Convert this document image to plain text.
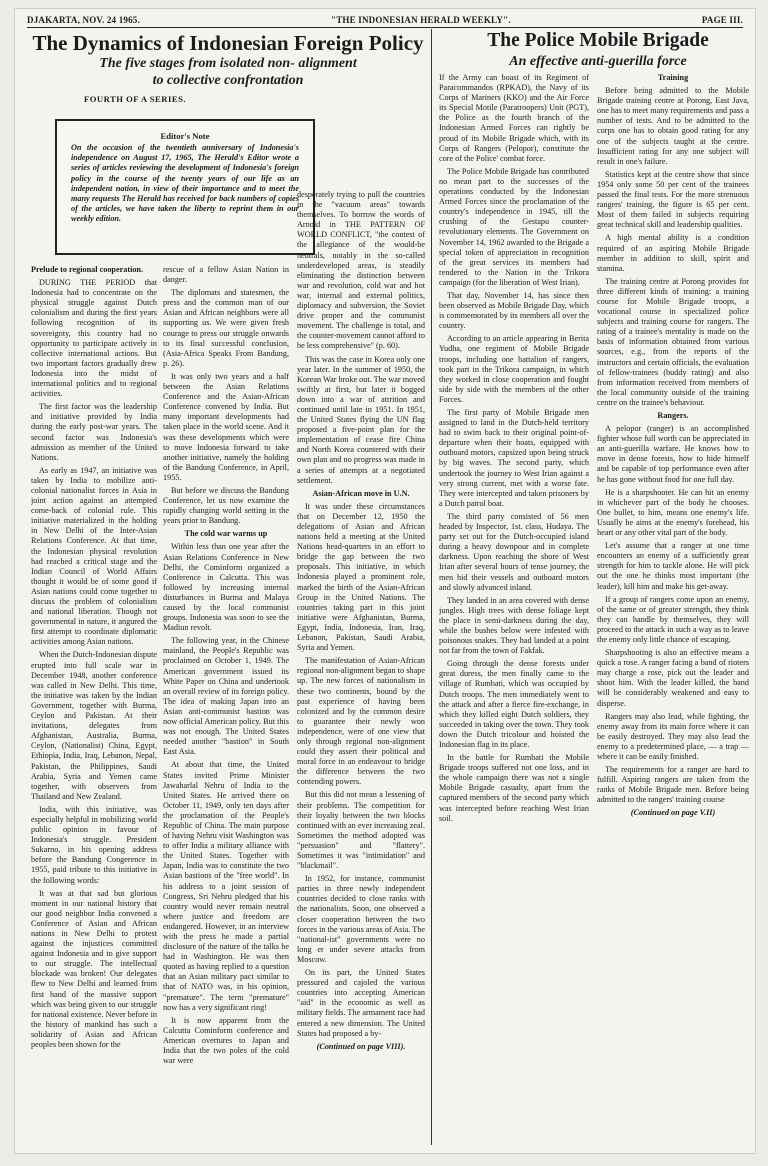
DJAKARTA, NOV. 24 1965.	"THE INDONESIAN HERALD WEEKLY".	PAGE III.
The Dynamics of Indonesian Foreign Policy
The five stages from isolated non- alignment
to collective confrontation
FOURTH OF A SERIES.
Editor's Note
On the occasion of the twentieth anniversary of Indonesia's independence on August 17, 1965, The Herald's Editor wrote a series of articles reviewing the development of Indonesia's foreign policy in the course of the twenty years of our life as an independent nation, in view of their importance and to meet the many requests The Herald has received for back numbers of copies of the articles, we have taken the liberty to reprint them in our weekly edition.

Prelude to regional cooperation.

DURING THE PERIOD that Indonesia had to concentrate on the physical struggle against Dutch colonialism and during the first years following recognition of its sovereignty, this country had no opportunity to participate actively in collective international actions. But two important factors gradually drew Indonesia into the midst of international politics and to regional activities.

The first factor was the leadership and initiative provided by India during the early post-war years. The second factor was Indonesia's admission as member of the United Nations.

As early as 1947, an initiative was taken by India to mobilize anti-colonial nationalist forces in Asia in joint action against an attempted come-back of colonial rule. This initiative materialized in the holding in New Delhi of the Inter-Asian Relations Conference. At that time, the Indonesian physical revolution had reached a critical stage and the Indian Council of World Affairs thought it would be of some good if Asian nations could come together to discuss the problem of colonialism and national liberation. Though not governmental in nature, it angured the first attempt to coordinate diplomatic activities among Asian nations.

When the Dutch-Indonesian dispute erupted into full scale war in December 1948, another conference was called in New Delhi. This time, the initiative was taken by the Indian Government, together with Burma, Ceylon and Pakistan. At their invitations, delegates from Afghanistan, Australia, Burma, Ceylon, (Nationalist) China, Egypt, Ethiopia, India, Iraq, Lebanon, Nepal, Pakistan, the Philippines, Saudi Arabia, Syria and Yemen came together, with observers from Thailand and New Zealand.

India, with this initiative, was especially helpful in mobilizing world public opinion in favour of Indonesia's struggle. President Sukarno, in his opening address before the Bandung Congerence in 1955, paid tribute to this initiative in the following words:

It was at that sad but glorious moment in our national history that our good neighbor India convened a Conference of Asian and African nations in New Delhi to protest against the injustices committed against Indonesia and to give support to our struggle. The intellectual blockade was broken! Our delegates flew to New Delhi and learned from first hand of the massive support which was being given to our struggle for national existence. Never before in the history of mankind has such a solidarity of Asian and African peoples been shown for the

rescue of a fellow Asian Nation in danger.

The diplomats and statesmen, the press and the common man of our Asian and African neighbors were all supporting us. We were given fresh courage to press our struggle onwards to its final successful conclusion, (Asia-Africa Speaks From Bandung, p. 26).

It was only two years and a half between the Asian Relations Conference and the Asian-African Conference convened by India. But many important developments had taken place in the world scene. And it was these developments which were to move Indonesia forward to take another initiative, namely the holding of the Bandung Conference, in April, 1955.

But before we discuss the Bandung Conference, let us now examine the rapidly changing world setting in the years prior to Bandung.

The cold war warms up

Within less than one year after the Asian Relations Conference in New Delhi, the Cominform organized a Conference in Calcutta. This was followed by increasing internal disturbances in Burma and Malaya caused by the local communist groups. Indonesia was soon to see the Madiun revolt.

The following year, in the Chinese mainland, the People's Republic was proclaimed on October 1, 1949. The American government issued its White Paper on China and undertook an overall review of its foreign policy. The idea of making Japan into an Asian anti-communist bastion was now official American policy. But this was not enough. The United States needed another "bastion" in South East Asia.

At about that time, the United States invited Prime Minister Jawaharlal Nehru of India to the United States. He arrived there on October 11, 1949, only ten days after the proclamation of the People's Republic of China. The main purpose of having Nehru visit Washington was to offer India a military alliance with the United States. Together with Japan, India was to constitute the two Asian bastions of the "free world". In his address to a joint session of Congress, Sri Nehru pledged that his country would never remain neutral where justice and freedom are endangered. However, in an interview with the press he made a partial disclosure of the nature of the talks he had in Washington. He was then quoted as having replied to a question that an Asian military pact similar to that of NATO was, in his opinion, "premature". The term "premature" now has a very significant ring!

It is now apparent from the Calcutta Cominform conference and American overtures to Japan and India that the two poles of the cold war were

desperately trying to pull the countries in the "vacuum areas" towards themselves. To borrow the words of Arnold in THE PATTERN OF WORLD CONFLICT, "the contest of the allegiance of the would-be neutrals, notably in the so-called underdeveloped areas, is steadily eliminating the distinction between war and revolution, cold war and hot war, internal and external politics, diplomacy and subversion, the Soviet drive proper and the communist movement. The challenge is total, and the counter-movement cannot afford to be less comprehensive" (p. 60).

This was the case in Korea only one year later. In the summer of 1950, the Korean War broke out. The war moved swiftly at first, but later it bogged down into a war of attrition and continued until late in 1951. In 1951, the United States flying the UN flag proposed a five-point plan for the implementation of cease fire China and North Korea countered with their own plan and no progress was made in a series of attempts at a negotiated settlement.

Asian-African move in U.N.

It was under these circumstances that on December 12, 1950 the delegations of Asian and African nations held a meeting at the United Nations head-quarters in an effort to bridge the gap between the two proposals. This initiative, in which Indonesia played a prominent role, marked the birth of the Asian-African Group in the United Nations. The countries taking part in this joint initiative were Afghanistan, Burma, Egypt, India, Indonesia, Iran, Iraq, Lebanon, Pakistan, Saudi Arabia, Syria and Yemen.

The manifestation of Asian-African regional non-alignment began to shape up. The new forces of nationalism in these two continents, bound by the past experience of having been colonized and by the common desire to guarantee their newly won independence, were of one view that only through regional non-alignment could they assert their political and moral force in an endeavour to bridge the difference between the two contending powers.

But this did not mean a lessening of their problems. The competition for their loyalty between the two blocks continued with an ever increasing zeal. Sometimes the method adopted was "persuasion" and "flattery". Sometimes it was "intimidation" and "blackmail".

In 1952, for instance, communist parties in three newly independent countries decided to close ranks with the nationalists. Soon, one observed a closer cooperation between the two forces in the various areas of Asia. The "national-ist" governments were no long er under severe attacks from Moscow.

On its part, the United States pressured and cajoled the various countries into accepting American "aid" in the economic as well as military fields. The armament race had entered a new dimension. The United States had proposed a by-

(Continued on page VIII).

The Police Mobile Brigade
An effective anti-guerilla force

If the Army can boast of its Regiment of Paracommandos (RPKAD), the Navy of its Corps of Mariners (KKO) and the Air Force its Special Motile (Paratroopers) Unit (PGT), the Police as the fourth branch of the Indonesian Armed Forces can rightly be proud of its Mobile Brigade which, with its Corps of Rangers (Pelopor), constitute the core of the Police' combat force.

The Police Mobile Brigade has contributed no mean part to the successes of the operations conducted by the Indonesian Armed Forces since the proclamation of the country's independence in 1945, till the crushing of the Gestapu counter-revolutionary elements. The Government on November 14, 1962 awarded to the Brigade a special token of appreciation in recognition of the great services its members had rendered to the Nation in the Trikora campaign (for the liberation of West Irian).

That day, November 14, has since then been observed as Mobile Brigade Day, which is commemorated by its members all over the country.

According to an article appearing in Berita Yudha, one regiment of Mobile Brigade troops, including one battalion of rangers, took part in the Trikora campaign, in which they worked in close cooperation and fought side by side with the members of the other Forces.

The first party of Mobile Brigade men assigned to land in the Dutch-held territory had to swim back to their original point-of-departure when their boats, equipped with outboard motors, capsized upon being struck by big waves. The second party, which undertook the journey to West Irian against a very strong current, met with a worse fate. They were intercepted and taken prisoners by a Dutch patrol boat.

The third party consisted of 56 men headed by Inspector, 1st. class, Hudaya. The party set out for the Dutch-occupied island during a heavy downpour and in complete darkness. Upon reaching the shore of West Irian after several hours of tense journey, the men hid their vessels and outboard motors and slowly advanced inland.

They landed in an area covered with dense jungles. High trees with dense foliage kept the place in semi-darkness during the day, while the bushes below were infested with poisonous snakes. They had landed at a point not far from the town of Fakfak.

Going through the dense forests under great duress, the men finally came to the village of Rumbati, which was occupied by Dutch troops. The men immediately went to the attack and after a fierce fire-exchange, in which they killed eight Dutch soldiers, they succeeded in taking over the town. They took down the Dutch tricolour and hoisted the Indonesian flag in its place.

In the battle for Rumbati the Mobile Brigade troops suffered not one loss, and in the whole campaign there was not a single Mobile Brigade casualty, apart from the captured members of the second party which was intercepted before reaching West Irian soil.

Training

Before being admitted to the Mobile Brigade training centre at Porong, East Java, one has to meet many requirements and pass a number of tests. And to be admitted to the corps one has to obtain good rating for any one of the subjects taught at the centre. Insufficient rating for any one subject will result in one's failure.

Statistics kept at the centre show that since 1954 only some 50 per cent of the trainees passed the final tests. For the more strenuous rangers' training, the figure is 65 per cent. Most of them failed in subjects requiring great technical skill and leadership qualities.

A high mental ability is a condition required of an aspiring Mobile Brigade member in addition to skill, spirit and stamina.

The training centre at Porong provides for three different kinds of training: a training course for Mobile Brigade troops, a vocational course in specialized police subjects and training course for rangers. The rating of a trainee's mentality is made on the basis of information obtained from various sources, e.g., from the reports of the instructors and certain officials, the evaluation of fellow-trainees (buddy rating) and also from information received from members of the local community outside of the training centre on the trainee's behaviour.

Rangers.

A pelopor (ranger) is an accomplished fighter whose full worth can be appreciated in an anti-guerilla warfare. He knows how to move in dense forests, how to hide himself and be capable of top performance even after he has gone without food for one full day.

He is a sharpshooter. He can hit an enemy in whichever part of the body he chooses. One bullet, to him, means one enemy's life. Usually he aims at the enemy's forehead, his heart or any other vital part of the body.

Let's assume that a ranger at one time encounters an enemy of a sufficiently great strength for him to tackle alone. He will pick out the one he thinks most important (the leader), kill him and make his get-away.

If a group of rangers come upon an enemy, of the same or of greater strength, they think they can handle by themselves, they will proceed to the attack in such a way as to leave the enemy only little chance of escaping.

Sharpshooting is also an effective means a quick a rose. A ranger facing a band of rioters may charge a rose, pick out the leader and shoot him. With the leader killed, the band will be considerably weakened and easy to disperse.

Rangers may also lead, while fighting, the enemy away from its main force where it can be easily destroyed. They may also lead the enemy to a predetermined place, — a trap — where it can be easily finished.

The requirements for a ranger are hard to fulfill. Aspiring rangers are taken from the ranks of Mobile Brigade men. Before being admitted to the rangers' training course

(Continued on page V.II)
